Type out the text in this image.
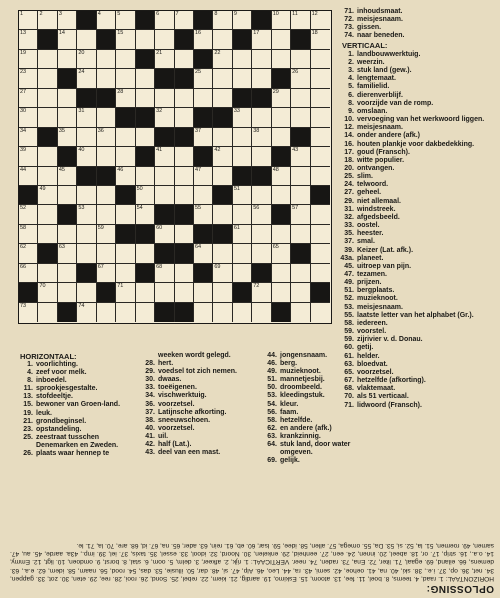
1	2	3	4	5	6	7	8	9	10 11 12
13	14	15	16	17	18
19	20	21	22
23	24	25	26
27	28	29
30	31	32	33
34	35	36	37	38
39	40	41	42	43
44	45	46	47	48
49	50	51
52	53	54	55	56	57
58	59	60	61
62	63	64	65
66	67	68	69
70	71	72
73	74
71. inhoudsmaat.
72. meisjesnaam.
73. gissen.
74. naar beneden.
VERTICAAL:
1. landbouwwerktuig.
2. weerzin.
3. stuk land (gew.).
4. lengtemaat.
5. familielid.
6. dierenverblijf.
8. voorzijde van de romp.
9. omslaan.
10. vervoeging van het werkwoord liggen.
12. meisjesnaam.
14. onder andere (afk.)
16. houten plankje voor dakbedekking.
17. goud (Fransch).
18. witte populier.
20. ontvangen.
25. slim.
24. telwoord.
27. geheel.
29. niet allemaal.
31. windstreek.
32. afgedsbeeld.
33. oostel.
35. heester.
37. smal.
39. Keizer (Lat. afk.).
43a. planeet.
45. uitroep van pijn.
47. tezamen.
49. prijzen.
51. bergplaats.
52. muzieknoot.
53. meisjesnaam.
55. laatste letter van het alphabet (Gr.).
58. iedereen.
59. voorstel.
59. zijrivier v. d. Donau.
60. getij.
61. helder.
63. bloedvat.
65. voorzetsel.
67. hetzelfde (afkorting).
68. vlaktemaat.
70. als 51 verticaal.
71. lidwoord (Fransch).
HORIZONTAAL:
1. voorlichting.
4. zeef voor melk.
8. inboedel.
11. sprookjesgestalte.
13. stofdeeltje.
15. bewoner van Groen-land.
19. leuk.
21. grondbeginsel.
23. opstandeling.
25. zeestraat tusschen Denemarken en Zweden.
26. plaats waar hennep te
weeken wordt gelegd.
28. hert.
29. voedsel tot zich nemen.
30. dwaas.
33. toeëigenen.
34. vischwerktuig.
36. voorzetsel.
37. Latijnsche afkorting.
38. sneeuwschoen.
40. voorzetsel.
41. uil.
42. half (Lat.).
43. deel van een mast.
44. jongensnaam.
46. berg.
49. muzieknoot.
51. mannetjesbij.
50. droombeeld.
53. kleedingstuk.
54. kleur.
56. faam.
58. hetzelfde.
62. en andere (afk.)
63. krankzinnig.
64. stuk land, door water omgeven.
69. gelijk.
OPLOSSING:
HORIZONTAAL: 1. raad, 4. teems, 8. boel, 11. fee, 13. atoom, 15. Eskimo, 19. aardig, 21. kiem, 22. rebel, 25. Sond, 26. rooi, 28. ree, 29. eten, 30. zot, 33. gappen, 34. net, 36. op, 37. i.e., 38. ski, 40. na, 41. oehoe, 42. semi, 43. ra, 44. Leo, 46. Alp, 47. si, 48. dar, 50. illusie, 53. das, 54. rood, 56. naam, 58. idem, 62. e.a., 63. demens, 66. eiland, 69. egaal, 71. liter, 72. Ena, 73. raden, 74. neer. VERTICAAL: 1. rijk, 2. afkeer, 3. delm, 5. oom, 6. stal, 8. borst, 9. omdoen, 10. ligt, 12. Emmy, 14. o.a., 16. strip, 17. or, 18. abeel, 20. innen, 24. een, 27. eenheid, 29. enkelen, 30. Noord, 32. idool, 33. essel, 35. taxis, 37. iel, 39. imp., 43a. aarde, 45. au, 47. samen, 49. roemen, 51. la, 52. si, 53. Da, 55. omega, 57. allen, 58. idee, 59. Isar, 60. eb, 61. rein, 63. ader, 65. na, 67. id, 68. are, 70. la, 71. le.
